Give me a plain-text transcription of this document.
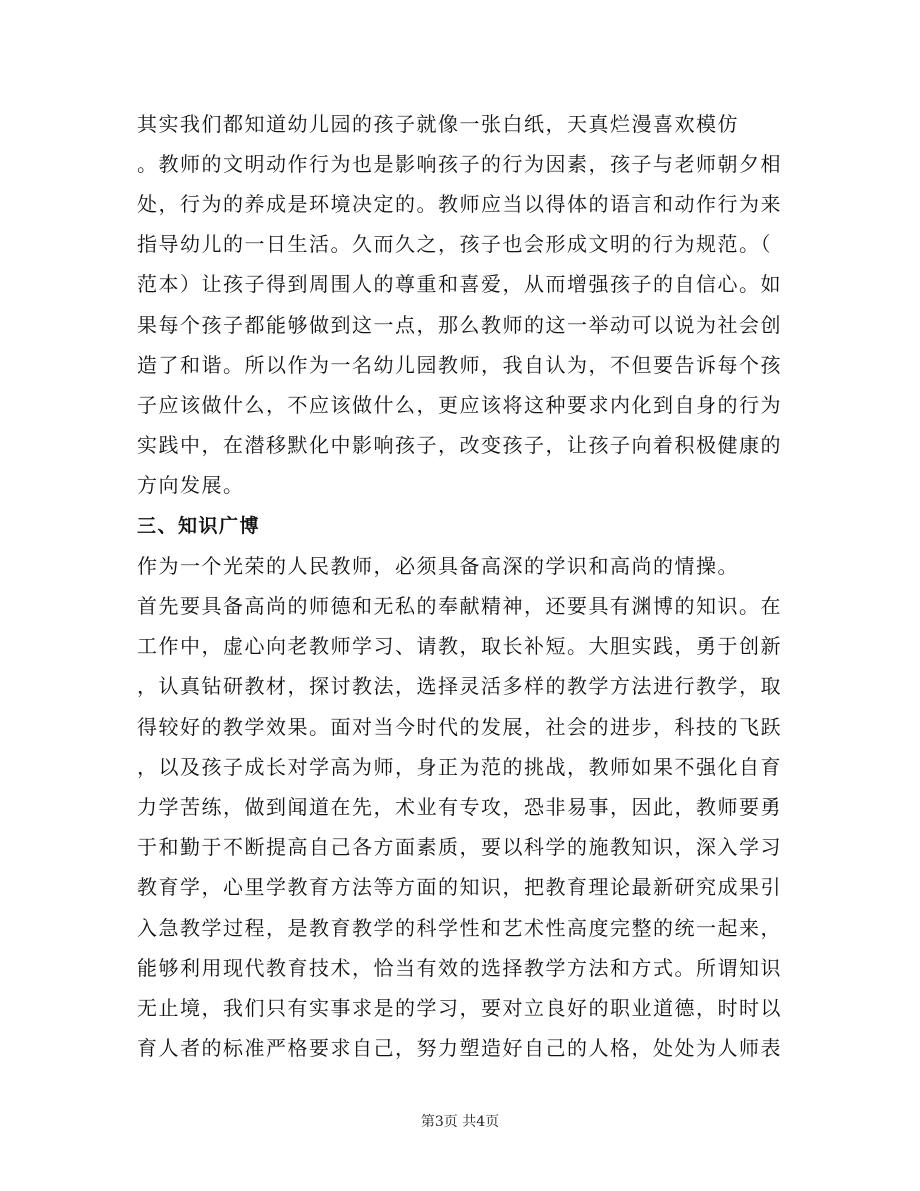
其实我们都知道幼儿园的孩子就像一张白纸，天真烂漫喜欢模仿
。教师的文明动作行为也是影响孩子的行为因素，孩子与老师朝夕相
处，行为的养成是环境决定的。教师应当以得体的语言和动作行为来
指导幼儿的一日生活。久而久之，孩子也会形成文明的行为规范。（
范本）让孩子得到周围人的尊重和喜爱，从而增强孩子的自信心。如
果每个孩子都能够做到这一点，那么教师的这一举动可以说为社会创
造了和谐。所以作为一名幼儿园教师，我自认为，不但要告诉每个孩
子应该做什么，不应该做什么，更应该将这种要求内化到自身的行为
实践中，在潜移默化中影响孩子，改变孩子，让孩子向着积极健康的
方向发展。
三、知识广博
作为一个光荣的人民教师，必须具备高深的学识和高尚的情操。
首先要具备高尚的师德和无私的奉献精神，还要具有渊博的知识。在
工作中，虚心向老教师学习、请教，取长补短。大胆实践，勇于创新
，认真钻研教材，探讨教法，选择灵活多样的教学方法进行教学，取
得较好的教学效果。面对当今时代的发展，社会的进步，科技的飞跃
，以及孩子成长对学高为师，身正为范的挑战，教师如果不强化自育
力学苦练，做到闻道在先，术业有专攻，恐非易事，因此，教师要勇
于和勤于不断提高自己各方面素质，要以科学的施教知识，深入学习
教育学，心里学教育方法等方面的知识，把教育理论最新研究成果引
入急教学过程，是教育教学的科学性和艺术性高度完整的统一起来，
能够利用现代教育技术，恰当有效的选择教学方法和方式。所谓知识
无止境，我们只有实事求是的学习，要对立良好的职业道德，时时以
育人者的标准严格要求自己，努力塑造好自己的人格，处处为人师表
第3页 共4页
